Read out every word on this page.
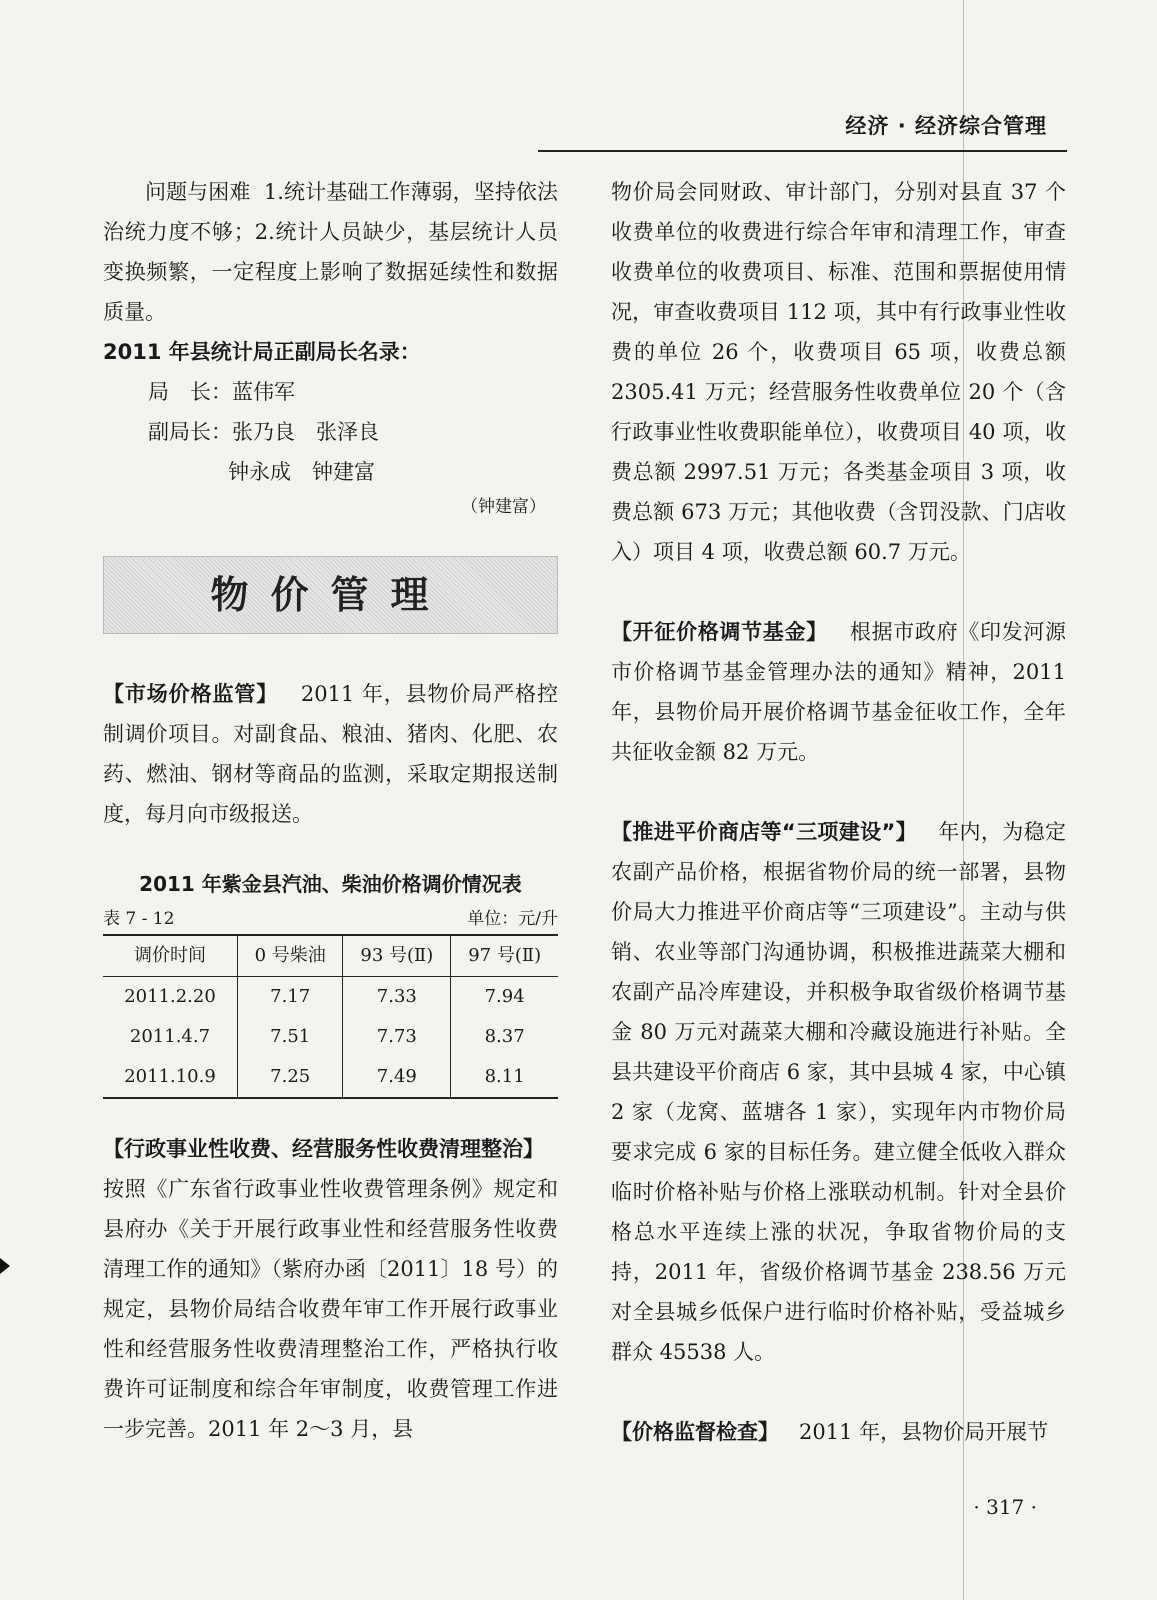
经济 · 经济综合管理

问题与困难 1.统计基础工作薄弱，坚持依法治统力度不够；2.统计人员缺少，基层统计人员变换频繁，一定程度上影响了数据延续性和数据质量。

2011 年县统计局正副局长名录：

局　长：蓝伟军

副局长：张乃良　张泽良

钟永成　钟建富

（钟建富）

物价管理

【市场价格监管】 2011 年，县物价局严格控制调价项目。对副食品、粮油、猪肉、化肥、农药、燃油、钢材等商品的监测，采取定期报送制度，每月向市级报送。

2011 年紫金县汽油、柴油价格调价情况表
表 7 - 12	单位：元/升
调价时间	0 号柴油	93 号(Ⅱ)	97 号(Ⅱ)
2011.2.20	7.17	7.33	7.94
2011.4.7	7.51	7.73	8.37
2011.10.9	7.25	7.49	8.11

【行政事业性收费、经营服务性收费清理整治】
按照《广东省行政事业性收费管理条例》规定和县府办《关于开展行政事业性和经营服务性收费清理工作的通知》（紫府办函〔2011〕18 号）的规定，县物价局结合收费年审工作开展行政事业性和经营服务性收费清理整治工作，严格执行收费许可证制度和综合年审制度，收费管理工作进一步完善。2011 年 2～3 月，县

物价局会同财政、审计部门，分别对县直 37 个收费单位的收费进行综合年审和清理工作，审查收费单位的收费项目、标准、范围和票据使用情况，审查收费项目 112 项，其中有行政事业性收费的单位 26 个，收费项目 65 项，收费总额 2305.41 万元；经营服务性收费单位 20 个（含行政事业性收费职能单位），收费项目 40 项，收费总额 2997.51 万元；各类基金项目 3 项，收费总额 673 万元；其他收费（含罚没款、门店收入）项目 4 项，收费总额 60.7 万元。

【开征价格调节基金】 根据市政府《印发河源市价格调节基金管理办法的通知》精神，2011 年，县物价局开展价格调节基金征收工作，全年共征收金额 82 万元。

【推进平价商店等“三项建设”】 年内，为稳定农副产品价格，根据省物价局的统一部署，县物价局大力推进平价商店等“三项建设”。主动与供销、农业等部门沟通协调，积极推进蔬菜大棚和农副产品冷库建设，并积极争取省级价格调节基金 80 万元对蔬菜大棚和冷藏设施进行补贴。全县共建设平价商店 6 家，其中县城 4 家，中心镇 2 家（龙窝、蓝塘各 1 家），实现年内市物价局要求完成 6 家的目标任务。建立健全低收入群众临时价格补贴与价格上涨联动机制。针对全县价格总水平连续上涨的状况，争取省物价局的支持，2011 年，省级价格调节基金 238.56 万元对全县城乡低保户进行临时价格补贴，受益城乡群众 45538 人。

【价格监督检查】 2011 年，县物价局开展节

· 317 ·
